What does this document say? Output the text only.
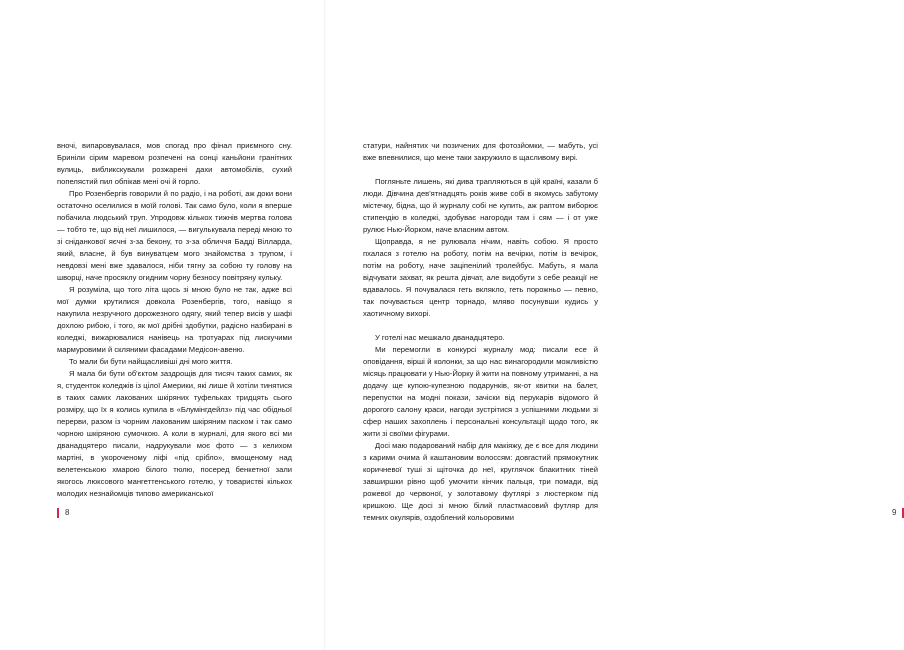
вночі, випаровувалася, мов спогад про фінал приємного сну. Бриніли сірим маревом розпечені на сонці каньйони гранітних вулиць, вибликскували розжарені дахи автомобілів, сухий попелястий пил обпікав мені очі й горло.

Про Розенбергів говорили й по радіо, і на роботі, аж доки вони остаточно оселилися в моїй голові. Так само було, коли я вперше побачила людський труп. Упродовж кількох тижнів мертва голова — тобто те, що від неї лишилося, — вигулькувала переді мною то зі сніданкової яєчні з-за бекону, то з-за обличчя Бадді Вілларда, який, власне, й був винуватцем мого знайомства з трупом, і невдовзі мені вже здавалося, ніби тягну за собою ту голову на шворці, наче просяклу огидним чорну безносу повітряну кульку.

Я розуміла, що того літа щось зі мною було не так, адже всі мої думки крутилися довкола Розенбергів, того, навіщо я накупила незручного дорожезного одягу, який тепер висів у шафі дохлою рибою, і того, як мої дрібні здобутки, радісно назбирані в коледжі, вижарювалися нанівець на тротуарах під лискучими мармуровими й скляними фасадами Медісон-авеню.

То мали би бути найщасливіші дні мого життя.

Я мала би бути об'єктом заздрощів для тисяч таких самих, як я, студенток коледжів із цілої Америки, які лише й хотіли тинятися в таких самих лакованих шкіряних туфельках тридцять сього розміру, що їх я колись купила в «Блумінгдейлз» під час обідньої перерви, разом із чорним лакованим шкіряним паском і так само чорною шкіряною сумочкою. А коли в журналі, для якого всі ми дванадцятеро писали, надрукували моє фото — з келихом мартіні, в укороченому ліфі «під срібло», вмощеному над велетенською хмарою білого тюлю, посеред бенкетної зали якогось люксового мангеттенського готелю, у товаристві кількох молодих незнайомців типово американської

8

статури, найнятих чи позичених для фотозйомки, — мабуть, усі вже впевнилися, що мене таки закружило в щасливому вирі.

Погляньте лишень, які дива трапляються в цій країні, казали б люди. Дівчина дев'ятнадцять років живе собі в якомусь забутому містечку, бідна, що й журналу собі не купить, аж раптом виборює стипендію в коледжі, здобуває нагороди там і сям — і от уже рулює Нью-Йорком, наче власним автом.

Щоправда, я не рулювала нічим, навіть собою. Я просто пхалася з готелю на роботу, потім на вечірки, потім із вечірок, потім на роботу, наче заціпенілий тролейбус. Мабуть, я мала відчувати захват, як решта дівчат, але видобути з себе реакції не вдавалось. Я почувалася геть вклякло, геть порожньо — певно, так почувається центр торнадо, мляво посунувши кудись у хаотичному вихорі.

У готелі нас мешкало дванадцятеро.

Ми перемогли в конкурсі журналу мод: писали есе й оповідання, вірші й колонки, за що нас винагородили можливістю місяць працювати у Нью-Йорку й жити на повному утриманні, а на додачу ще купою-купезною подарунків, як-от квитки на балет, перепустки на модні покази, зачіски від перукарів відомого й дорогого салону краси, нагоди зустрітися з успішними людьми зі сфер наших захоплень і персональні консультації щодо того, як жити зі своїми фігурами.

Досі маю подарований набір для макіяжу, де є все для людини з карими очима й каштановим волоссям: довгастий прямокутник коричневої туші зі щіточка до неї, круглячок блакитних тіней завширшки рівно щоб умочити кінчик пальця, три помади, від рожевої до червоної, у золотавому футлярі з люстерком під кришкою. Ще досі зі мною білий пластмасовий футляр для темних окулярів, оздоблений кольоровими

9
